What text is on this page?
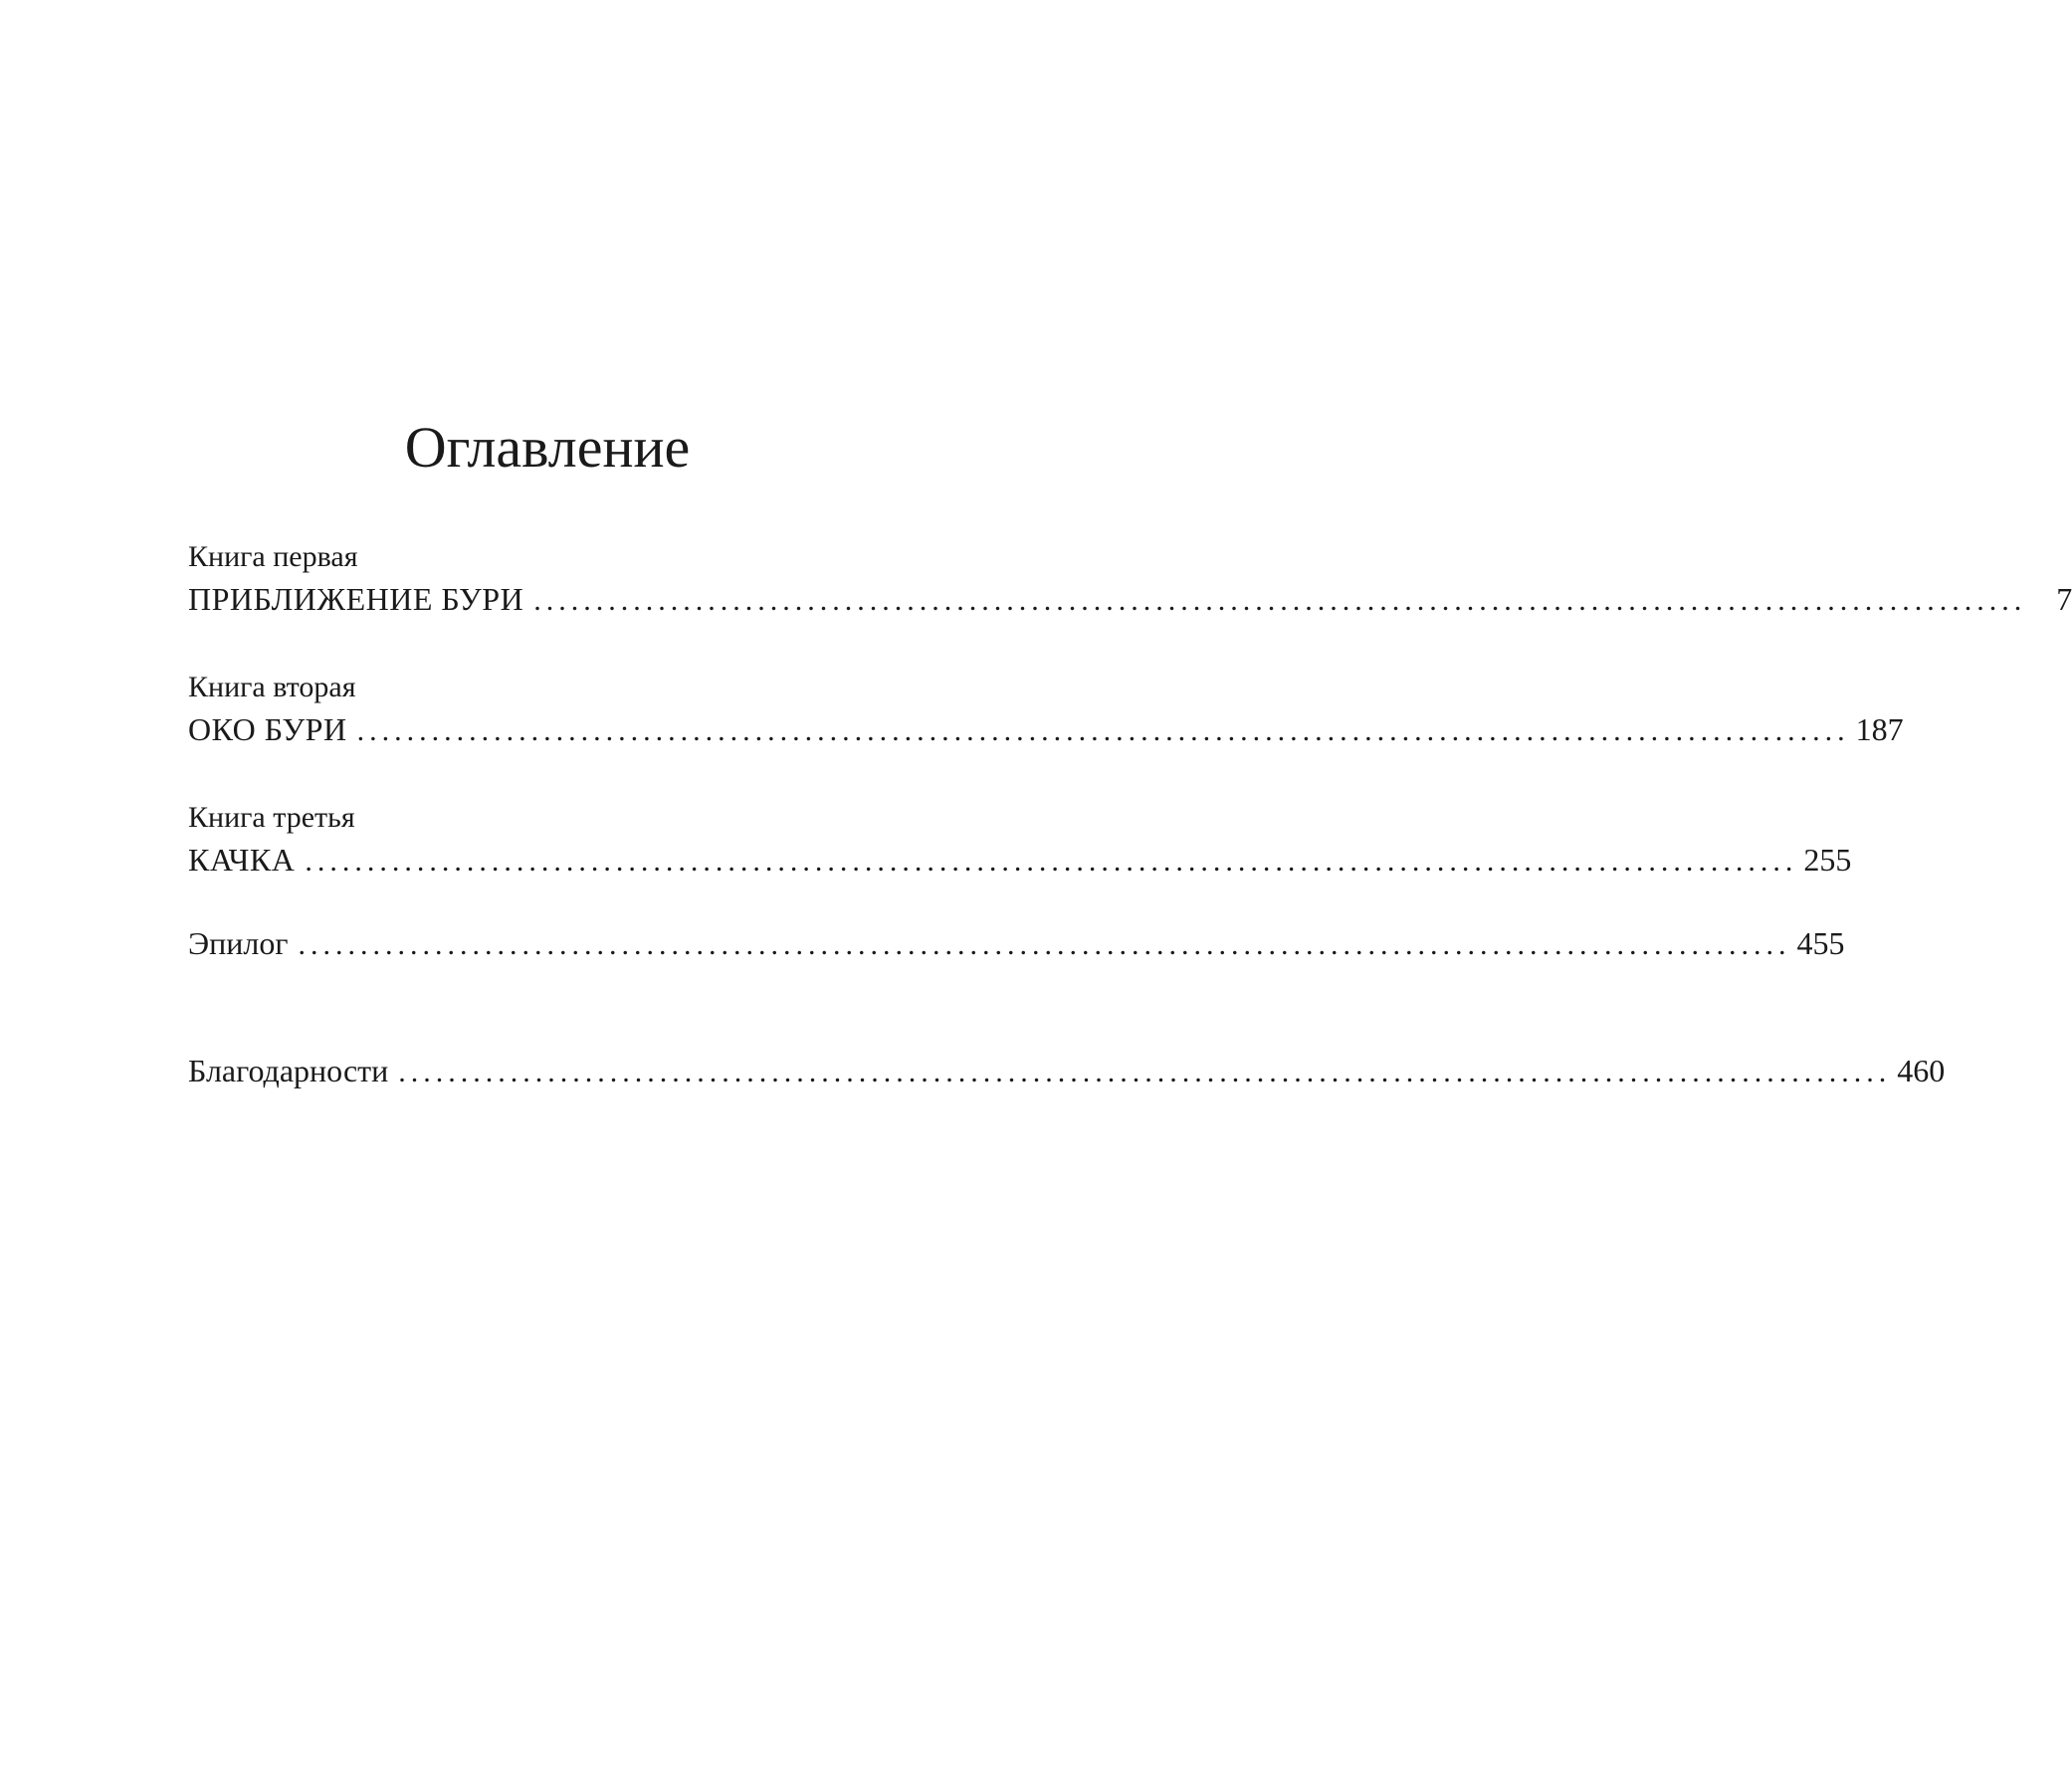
Оглавление
Книга первая
ПРИБЛИЖЕНИЕ БУРИ ........................................................................................................................ 7
Книга вторая
ОКО БУРИ ........................................................................................................................ 187
Книга третья
КАЧКА ........................................................................................................................ 255
Эпилог ........................................................................................................................ 455
Благодарности ........................................................................................................................ 460
